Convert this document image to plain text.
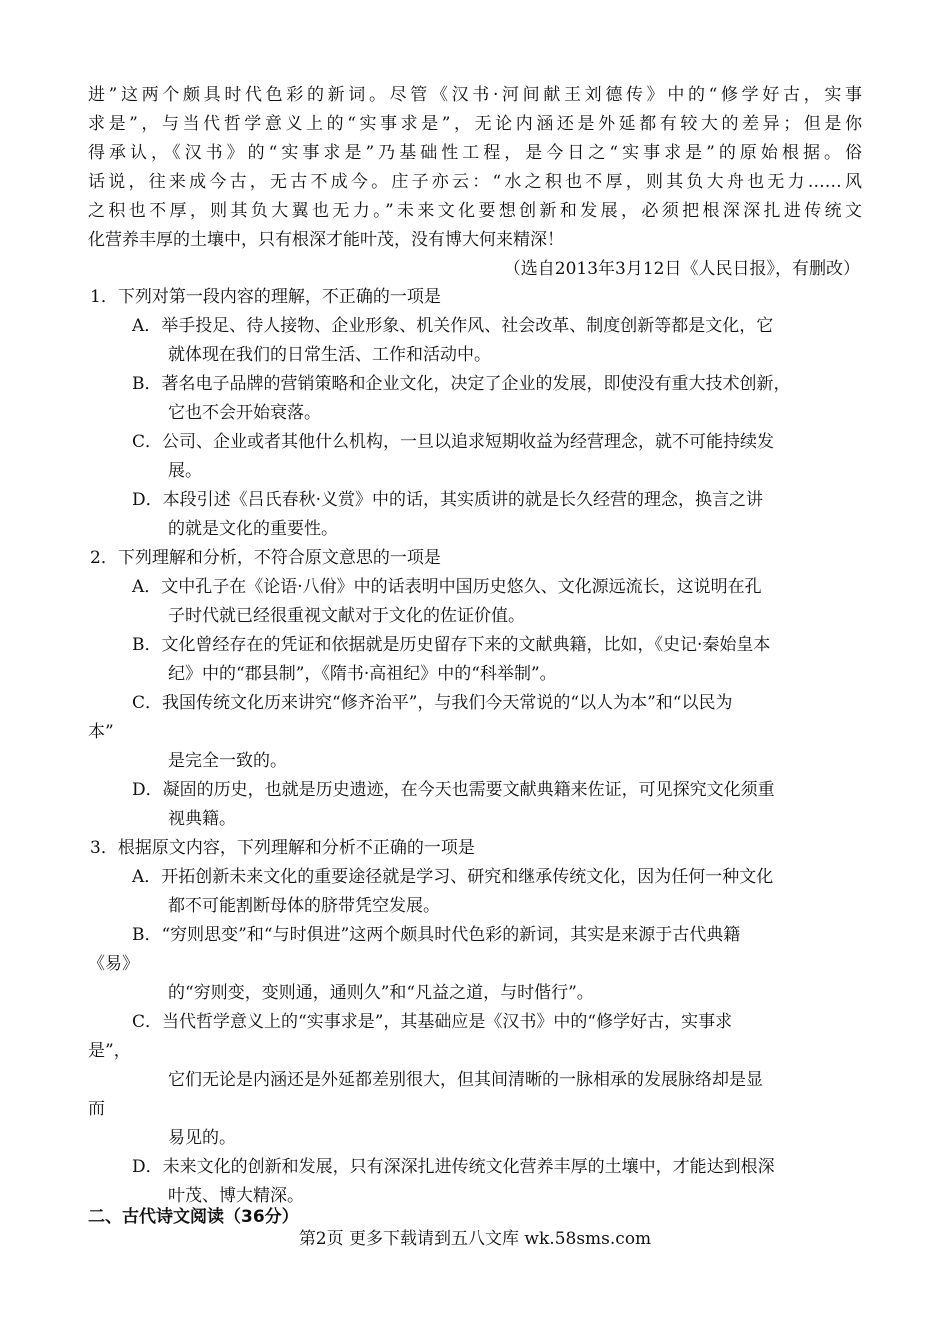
进”这两个颇具时代色彩的新词。尽管《汉书·河间献王刘德传》中的“修学好古，实事
求是”，与当代哲学意义上的“实事求是”，无论内涵还是外延都有较大的差异；但是你
得承认，《汉书》的“实事求是”乃基础性工程，是今日之“实事求是”的原始根据。俗
话说，往来成今古，无古不成今。庄子亦云：“水之积也不厚，则其负大舟也无力……风
之积也不厚，则其负大翼也无力。”未来文化要想创新和发展，必须把根深深扎进传统文
化营养丰厚的土壤中，只有根深才能叶茂，没有博大何来精深！
（选自2013年3月12日《人民日报》，有删改）
1．下列对第一段内容的理解，不正确的一项是
A．举手投足、待人接物、企业形象、机关作风、社会改革、制度创新等都是文化，它
就体现在我们的日常生活、工作和活动中。
B．著名电子品牌的营销策略和企业文化，决定了企业的发展，即使没有重大技术创新，
它也不会开始衰落。
C．公司、企业或者其他什么机构，一旦以追求短期收益为经营理念，就不可能持续发
展。
D．本段引述《吕氏春秋·义赏》中的话，其实质讲的就是长久经营的理念，换言之讲
的就是文化的重要性。
2．下列理解和分析，不符合原文意思的一项是
A．文中孔子在《论语·八佾》中的话表明中国历史悠久、文化源远流长，这说明在孔
子时代就已经很重视文献对于文化的佐证价值。
B．文化曾经存在的凭证和依据就是历史留存下来的文献典籍，比如，《史记·秦始皇本
纪》中的“郡县制”，《隋书·高祖纪》中的“科举制”。
C．我国传统文化历来讲究“修齐治平”，与我们今天常说的“以人为本”和“以民为
本”
是完全一致的。
D．凝固的历史，也就是历史遗迹，在今天也需要文献典籍来佐证，可见探究文化须重
视典籍。
3．根据原文内容，下列理解和分析不正确的一项是
A．开拓创新未来文化的重要途径就是学习、研究和继承传统文化，因为任何一种文化
都不可能割断母体的脐带凭空发展。
B．“穷则思变”和“与时俱进”这两个颇具时代色彩的新词，其实是来源于古代典籍
《易》
的“穷则变，变则通，通则久”和“凡益之道，与时偕行”。
C．当代哲学意义上的“实事求是”，其基础应是《汉书》中的“修学好古，实事求
是”，
它们无论是内涵还是外延都差别很大，但其间清晰的一脉相承的发展脉络却是显
而
易见的。
D．未来文化的创新和发展，只有深深扎进传统文化营养丰厚的土壤中，才能达到根深
叶茂、博大精深。
二、古代诗文阅读（36分）
第2页 更多下载请到五八文库 wk.58sms.com
